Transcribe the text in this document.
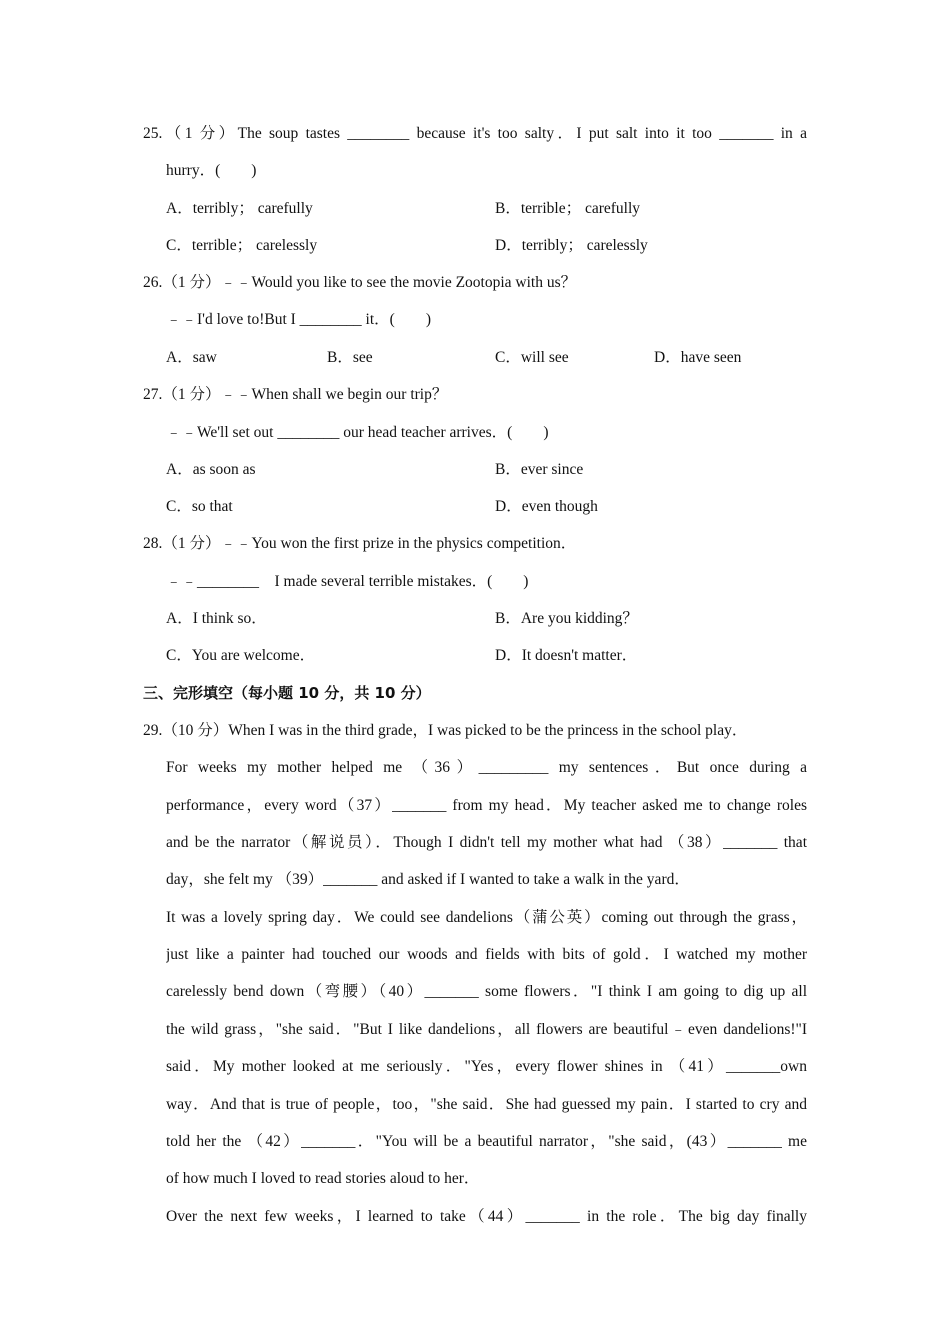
25.（1 分）The soup tastes ________ because it's too salty．I put salt into it too _______ in a
hurry．(　　)
A．terribly； carefully	B．terrible； carefully
C．terrible； carelessly	D．terribly； carelessly
26.（1 分）﹣﹣Would you like to see the movie Zootopia with us？
﹣﹣I'd love to!But I ________ it．(　　)
A．saw	B．see	C．will see	D．have seen
27.（1 分）﹣﹣When shall we begin our trip？
﹣﹣We'll set out ________ our head teacher arrives．(　　)
A．as soon as	B．ever since
C．so that	D．even though
28.（1 分）﹣﹣You won the first prize in the physics competition．
﹣﹣________    I made several terrible mistakes．(　　)
A．I think so．	B．Are you kidding？
C．You are welcome．	D．It doesn't matter．
三、完形填空（每小题 10 分，共 10 分）
29.（10 分）When I was in the third grade，I was picked to be the princess in the school play．
For weeks my mother helped me （36）_________ my sentences．But once during a
performance，every word（37）_______ from my head．My teacher asked me to change roles
and be the narrator（解说员）．Though I didn't tell my mother what had （38）_______ that
day，she felt my （39）_______ and asked if I wanted to take a walk in the yard．
It was a lovely spring day．We could see dandelions（蒲公英）coming out through the grass，
just like a painter had touched our woods and fields with bits of gold．I watched my mother
carelessly bend down（弯腰）（40）_______ some flowers．"I think I am going to dig up all
the wild grass，"she said．"But I like dandelions，all flowers are beautiful﹣even dandelions!"I
said．My mother looked at me seriously．"Yes，every flower shines in （41）_______own
way．And that is true of people，too，"she said．She had guessed my pain．I started to cry and
told her the （42）_______．"You will be a beautiful narrator，"she said，(43）_______ me
of how much I loved to read stories aloud to her．
Over the next few weeks，I learned to take（44）_______ in the role．The big day finally
